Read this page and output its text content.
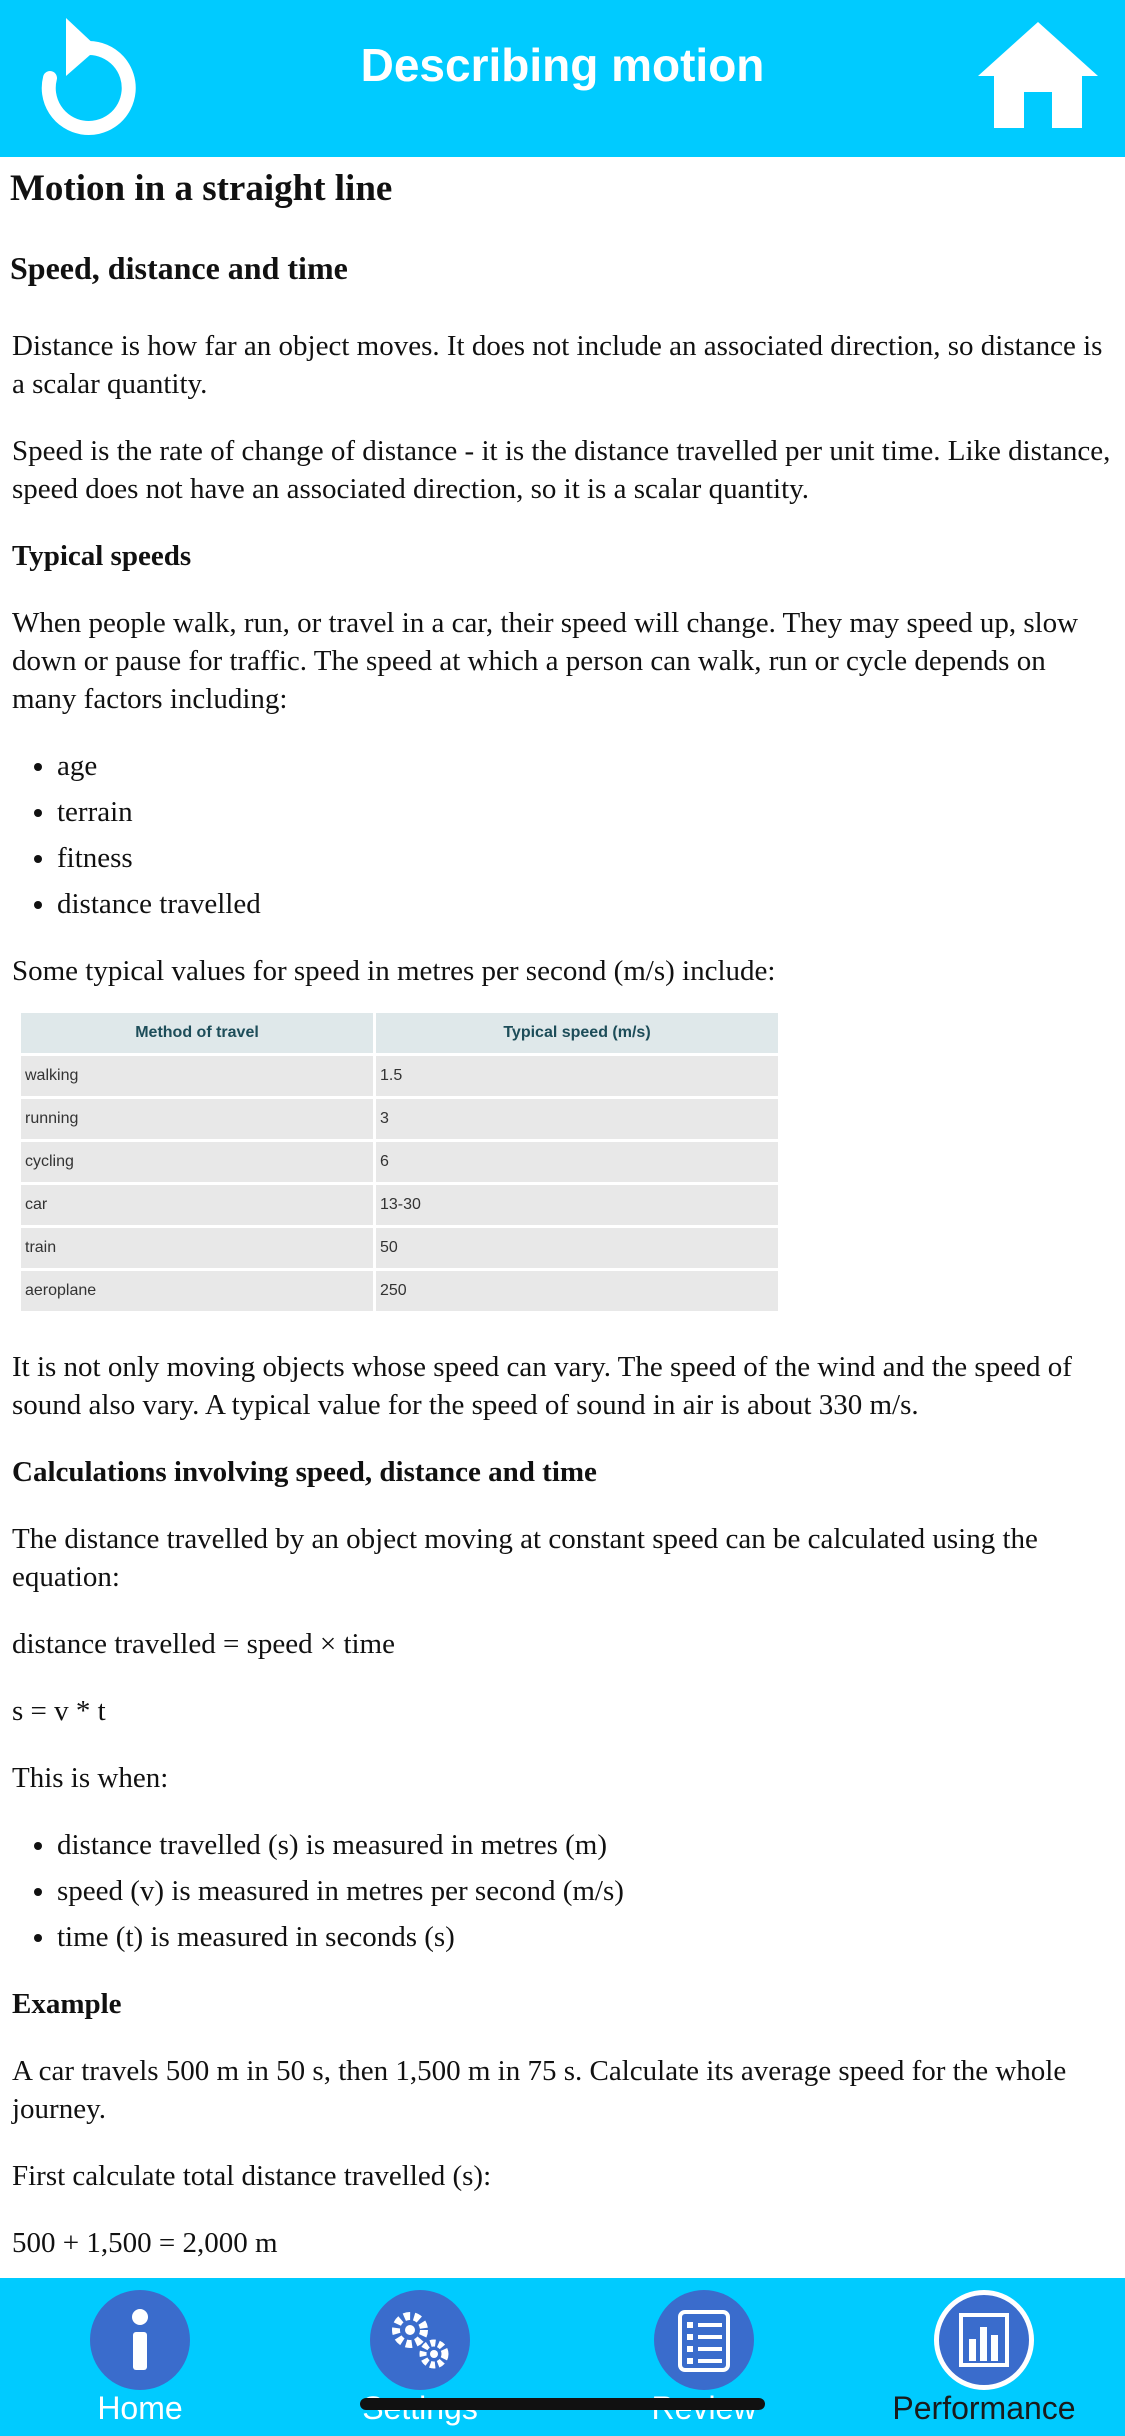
Describing motion
Motion in a straight line
Speed, distance and time

Distance is how far an object moves. It does not include an associated direction, so distance is a scalar quantity.

Speed is the rate of change of distance - it is the distance travelled per unit time. Like distance, speed does not have an associated direction, so it is a scalar quantity.

Typical speeds

When people walk, run, or travel in a car, their speed will change. They may speed up, slow down or pause for traffic. The speed at which a person can walk, run or cycle depends on many factors including:

• age
• terrain
• fitness
• distance travelled

Some typical values for speed in metres per second (m/s) include:

Method of travel	Typical speed (m/s)
walking	1.5
running	3
cycling	6
car	13-30
train	50
aeroplane	250

It is not only moving objects whose speed can vary. The speed of the wind and the speed of sound also vary. A typical value for the speed of sound in air is about 330 m/s.

Calculations involving speed, distance and time

The distance travelled by an object moving at constant speed can be calculated using the equation:

distance travelled = speed × time

s = v * t

This is when:

• distance travelled (s) is measured in metres (m)
• speed (v) is measured in metres per second (m/s)
• time (t) is measured in seconds (s)

Example

A car travels 500 m in 50 s, then 1,500 m in 75 s. Calculate its average speed for the whole journey.

First calculate total distance travelled (s):

500 + 1,500 = 2,000 m

Home	Performance
